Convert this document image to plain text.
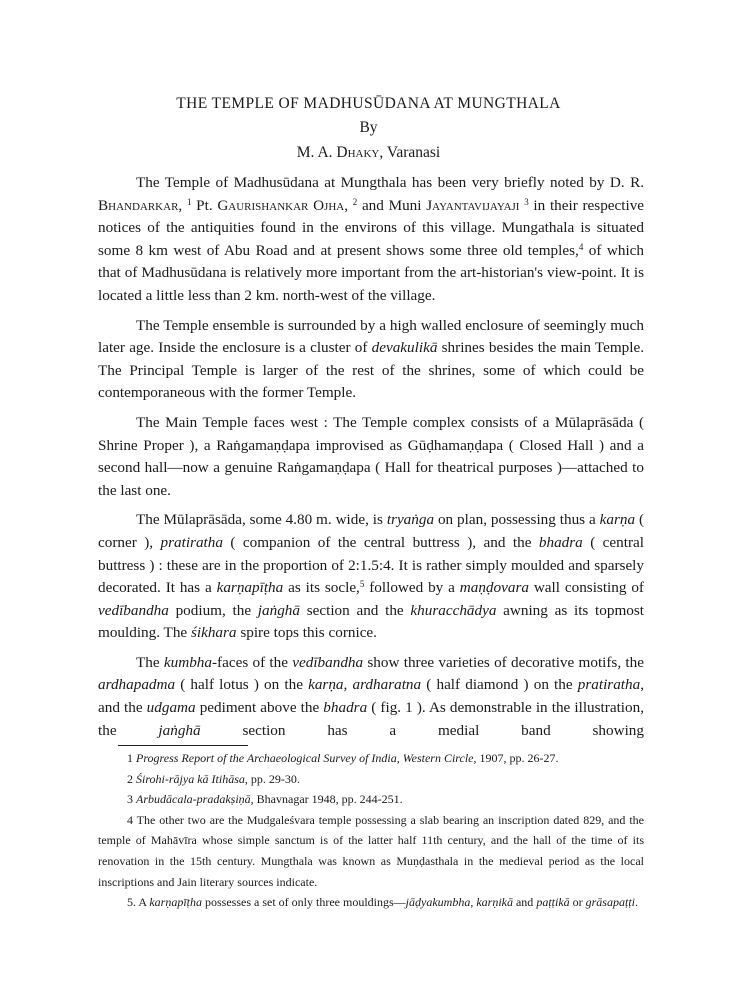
THE TEMPLE OF MADHUSŪDANA AT MUNGTHALA
By
M. A. Dhaky, Varanasi

The Temple of Madhusūdana at Mungthala has been very briefly noted by D. R. Bhandarkar, $^1$ Pt. Gaurishankar Ojha, $^2$ and Muni Jayantavijayaji $^3$ in their respective notices of the antiquities found in the environs of this village. Mungathala is situated some 8 km west of Abu Road and at present shows some three old temples,$^4$ of which that of Madhusūdana is relatively more important from the art-historian's view-point. It is located a little less than 2 km. north-west of the village.

The Temple ensemble is surrounded by a high walled enclosure of seemingly much later age. Inside the enclosure is a cluster of devakulikā shrines besides the main Temple. The Principal Temple is larger of the rest of the shrines, some of which could be contemporaneous with the former Temple.

The Main Temple faces west : The Temple complex consists of a Mūlaprāsāda ( Shrine Proper ), a Raṅgamaṇḍapa improvised as Gūḍhamaṇḍapa ( Closed Hall ) and a second hall—now a genuine Raṅgamaṇḍapa ( Hall for theatrical purposes )—attached to the last one.

The Mūlaprāsāda, some 4.80 m. wide, is tryaṅga on plan, possessing thus a karṇa ( corner ), pratiratha ( companion of the central buttress ), and the bhadra ( central buttress ) : these are in the proportion of 2:1.5:4. It is rather simply moulded and sparsely decorated. It has a karṇapīṭha as its socle,$^5$ followed by a maṇḍovara wall consisting of vedībandha podium, the jaṅghā section and the khuracchādya awning as its topmost moulding. The śikhara spire tops this cornice.

The kumbha-faces of the vedībandha show three varieties of decorative motifs, the ardhapadma ( half lotus ) on the karṇa, ardharatna ( half diamond ) on the pratiratha, and the udgama pediment above the bhadra ( fig. 1 ). As demonstrable in the illustration, the jaṅghā section has a medial band showing

1 Progress Report of the Archaeological Survey of India, Western Circle, 1907, pp. 26-27.

2 Śirohi-rājya kā Itihāsa, pp. 29-30.

3 Arbudācala-pradakṣiṇā, Bhavnagar 1948, pp. 244-251.

4 The other two are the Mudgaleśvara temple possessing a slab bearing an inscription dated 829, and the temple of Mahāvīra whose simple sanctum is of the latter half 11th century, and the hall of the time of its renovation in the 15th century. Mungthala was known as Muṇḍasthala in the medieval period as the local inscriptions and Jain literary sources indicate.

5. A karṇapīṭha possesses a set of only three mouldings—jāḍyakumbha, karṇikā and paṭṭikā or grāsapaṭṭi.
